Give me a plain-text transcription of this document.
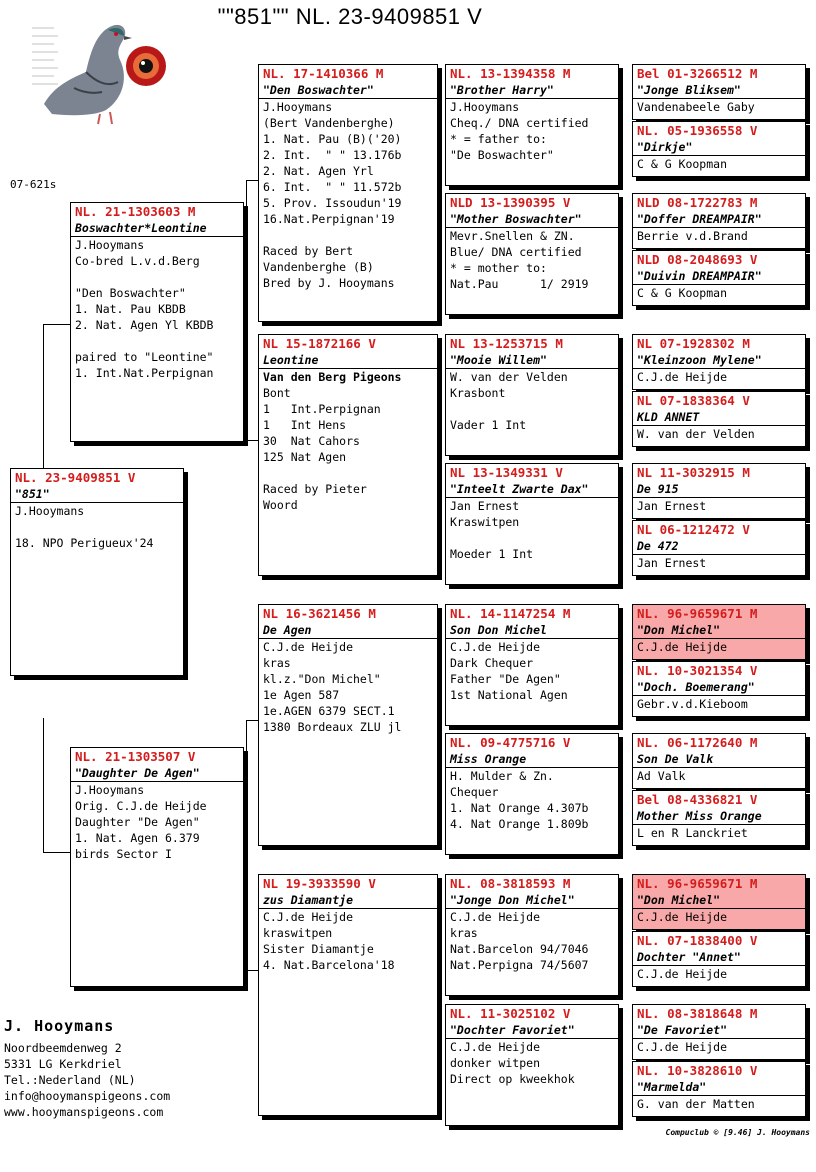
""851"" NL. 23-9409851 V
07-621s
NL. 23-9409851 V
"851"
J.Hooymans
18. NPO Perigueux'24
NL. 21-1303603 M
Boswachter*Leontine
J.Hooymans
Co-bred L.v.d.Berg
"Den Boswachter"
1. Nat. Pau KBDB
2. Nat. Agen Yl KBDB
paired to "Leontine"
1. Int.Nat.Perpignan
NL. 21-1303507 V
"Daughter De Agen"
J.Hooymans
Orig. C.J.de Heijde
Daughter "De Agen"
1. Nat. Agen 6.379
birds Sector I
NL. 17-1410366 M
"Den Boswachter"
J.Hooymans
(Bert Vandenberghe)
1. Nat. Pau (B)('20)
2. Int.  " " 13.176b
2. Nat. Agen Yrl
6. Int.  " " 11.572b
5. Prov. Issoudun'19
16.Nat.Perpignan'19
Raced by Bert
Vandenberghe (B)
Bred by J. Hooymans
NL 15-1872166 V
Leontine
Van den Berg Pigeons
Bont
1   Int.Perpignan
1   Int Hens
30  Nat Cahors
125 Nat Agen
Raced by Pieter
Woord
NL 16-3621456 M
De Agen
C.J.de Heijde
kras
kl.z."Don Michel"
1e Agen 587
1e.AGEN 6379 SECT.1
1380 Bordeaux ZLU jl
NL 19-3933590 V
zus Diamantje
C.J.de Heijde
kraswitpen
Sister Diamantje
4. Nat.Barcelona'18
NL. 13-1394358 M
"Brother Harry"
J.Hooymans
Cheq./ DNA certified
* = father to:
"De Boswachter"
NLD 13-1390395 V
"Mother Boswachter"
Mevr.Snellen & ZN.
Blue/ DNA certified
* = mother to:
Nat.Pau      1/ 2919
NL 13-1253715 M
"Mooie Willem"
W. van der Velden
Krasbont
Vader 1 Int
NL 13-1349331 V
"Inteelt Zwarte Dax"
Jan Ernest
Kraswitpen
Moeder 1 Int
NL. 14-1147254 M
Son Don Michel
C.J.de Heijde
Dark Chequer
Father "De Agen"
1st National Agen
NL. 09-4775716 V
Miss Orange
H. Mulder & Zn.
Chequer
1. Nat Orange 4.307b
4. Nat Orange 1.809b
NL. 08-3818593 M
"Jonge Don Michel"
C.J.de Heijde
kras
Nat.Barcelon 94/7046
Nat.Perpigna 74/5607
NL. 11-3025102 V
"Dochter Favoriet"
C.J.de Heijde
donker witpen
Direct op kweekhok
Bel 01-3266512 M
"Jonge Bliksem"
Vandenabeele Gaby
NL. 05-1936558 V
"Dirkje"
C & G Koopman
NLD 08-1722783 M
"Doffer DREAMPAIR"
Berrie v.d.Brand
NLD 08-2048693 V
"Duivin DREAMPAIR"
C & G Koopman
NL 07-1928302 M
"Kleinzoon Mylene"
C.J.de Heijde
NL 07-1838364 V
KLD ANNET
W. van der Velden
NL 11-3032915 M
De 915
Jan Ernest
NL 06-1212472 V
De 472
Jan Ernest
NL. 96-9659671 M
"Don Michel"
C.J.de Heijde
NL. 10-3021354 V
"Doch. Boemerang"
Gebr.v.d.Kieboom
NL. 06-1172640 M
Son De Valk
Ad Valk
Bel 08-4336821 V
Mother Miss Orange
L en R Lanckriet
NL. 96-9659671 M
"Don Michel"
C.J.de Heijde
NL. 07-1838400 V
Dochter "Annet"
C.J.de Heijde
NL. 08-3818648 M
"De Favoriet"
C.J.de Heijde
NL. 10-3828610 V
"Marmelda"
G. van der Matten
J. Hooymans
Noordbeemdenweg 2
5331 LG Kerkdriel
Tel.:Nederland (NL)
info@hooymanspigeons.com
www.hooymanspigeons.com
Compuclub © [9.46] J. Hooymans
